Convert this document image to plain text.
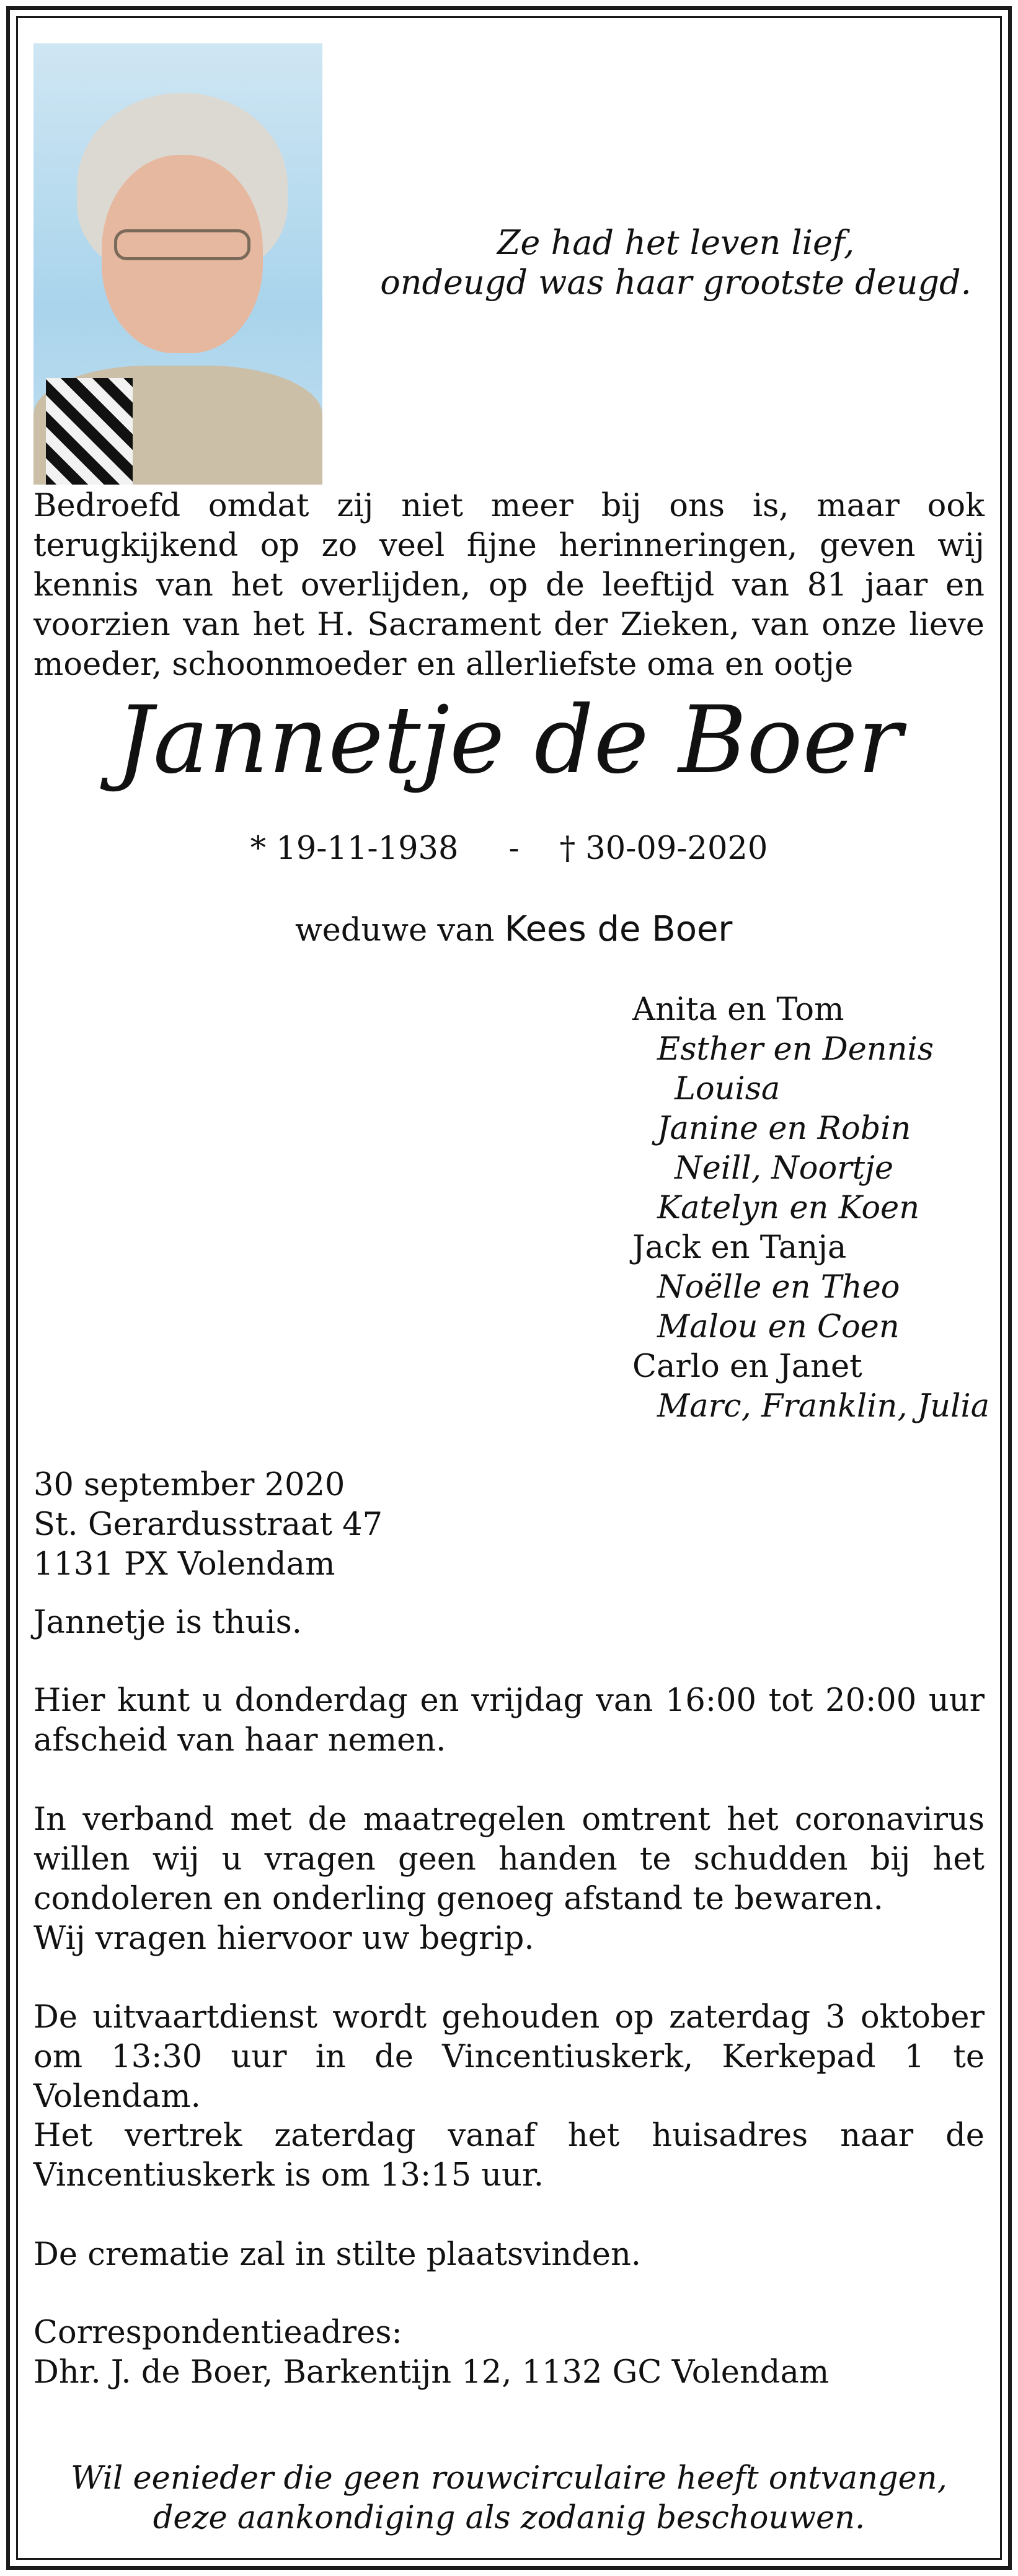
Ze had het leven lief,
ondeugd was haar grootste deugd.
Bedroefd omdat zij niet meer bij ons is, maar ook terugkijkend op zo veel fijne herinneringen, geven wij kennis van het overlijden, op de leeftijd van 81 jaar en voorzien van het H. Sacrament der Zieken, van onze lieve moeder, schoonmoeder en allerliefste oma en ootje
Jannetje de Boer
* 19-11-1938     -    † 30-09-2020
weduwe van Kees de Boer
Anita en Tom
Esther en Dennis
Louisa
Janine en Robin
Neill, Noortje
Katelyn en Koen
Jack en Tanja
Noëlle en Theo
Malou en Coen
Carlo en Janet
Marc, Franklin, Julia
30 september 2020
St. Gerardusstraat 47
1131 PX Volendam
Jannetje is thuis.
Hier kunt u donderdag en vrijdag van 16:00 tot 20:00 uur afscheid van haar nemen.
In verband met de maatregelen omtrent het coronavirus willen wij u vragen geen handen te schudden bij het condoleren en onderling genoeg afstand te bewaren.
Wij vragen hiervoor uw begrip.
De uitvaartdienst wordt gehouden op zaterdag 3 oktober om 13:30 uur in de Vincentiuskerk, Kerkepad 1 te Volendam.
Het vertrek zaterdag vanaf het huisadres naar de Vincentiuskerk is om 13:15 uur.
De crematie zal in stilte plaatsvinden.
Correspondentieadres:
Dhr. J. de Boer, Barkentijn 12, 1132 GC Volendam
Wil eenieder die geen rouwcirculaire heeft ontvangen,
deze aankondiging als zodanig beschouwen.
